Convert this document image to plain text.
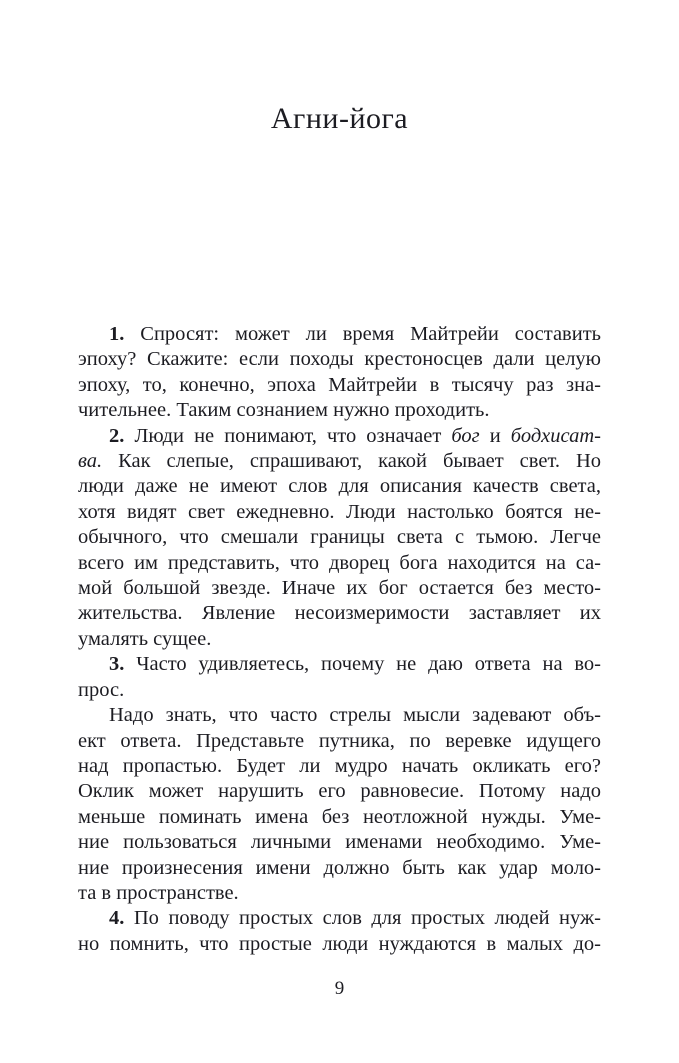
Агни-йога
1. Спросят: может ли время Майтрейи составить
эпоху? Скажите: если походы крестоносцев дали целую
эпоху, то, конечно, эпоха Майтрейи в тысячу раз зна-
чительнее. Таким сознанием нужно проходить.
2. Люди не понимают, что означает бог и бодхисат-
ва. Как слепые, спрашивают, какой бывает свет. Но
люди даже не имеют слов для описания качеств света,
хотя видят свет ежедневно. Люди настолько боятся не-
обычного, что смешали границы света с тьмою. Легче
всего им представить, что дворец бога находится на са-
мой большой звезде. Иначе их бог остается без место-
жительства. Явление несоизмеримости заставляет их
умалять сущее.
3. Часто удивляетесь, почему не даю ответа на во-
прос.
Надо знать, что часто стрелы мысли задевают объ-
ект ответа. Представьте путника, по веревке идущего
над пропастью. Будет ли мудро начать окликать его?
Оклик может нарушить его равновесие. Потому надо
меньше поминать имена без неотложной нужды. Уме-
ние пользоваться личными именами необходимо. Уме-
ние произнесения имени должно быть как удар моло-
та в пространстве.
4. По поводу простых слов для простых людей нуж-
но помнить, что простые люди нуждаются в малых до-
9
